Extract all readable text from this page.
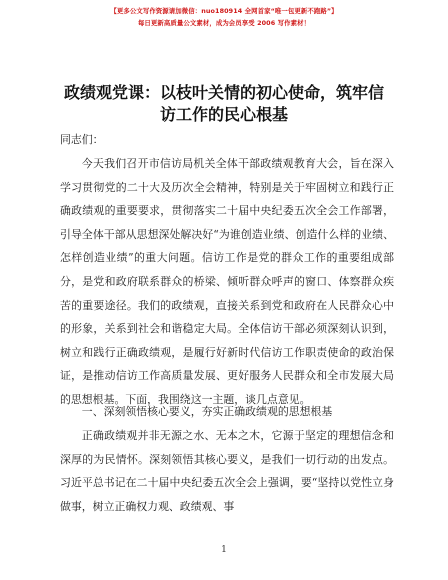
【更多公文写作资源请加微信：nuo180914 全网首家“唯一包更新不跑路”】
每日更新高质量公文素材，成为会员享受 2006 写作素材！
政绩观党课：以枝叶关情的初心使命，筑牢信访工作的民心根基
同志们：

今天我们召开市信访局机关全体干部政绩观教育大会，旨在深入学习贯彻党的二十大及历次全会精神，特别是关于牢固树立和践行正确政绩观的重要要求，贯彻落实二十届中央纪委五次全会工作部署，引导全体干部从思想深处解决好“为谁创造业绩、创造什么样的业绩、怎样创造业绩”的重大问题。信访工作是党的群众工作的重要组成部分，是党和政府联系群众的桥梁、倾听群众呼声的窗口、体察群众疾苦的重要途径。我们的政绩观，直接关系到党和政府在人民群众心中的形象，关系到社会和谐稳定大局。全体信访干部必须深刻认识到，树立和践行正确政绩观，是履行好新时代信访工作职责使命的政治保证，是推动信访工作高质量发展、更好服务人民群众和全市发展大局的思想根基。下面，我围绕这一主题，谈几点意见。

一、深刻领悟核心要义，夯实正确政绩观的思想根基

正确政绩观并非无源之水、无本之木，它源于坚定的理想信念和深厚的为民情怀。深刻领悟其核心要义，是我们一切行动的出发点。习近平总书记在二十届中央纪委五次全会上强调，要“坚持以党性立身做事，树立正确权力观、政绩观、事

1
